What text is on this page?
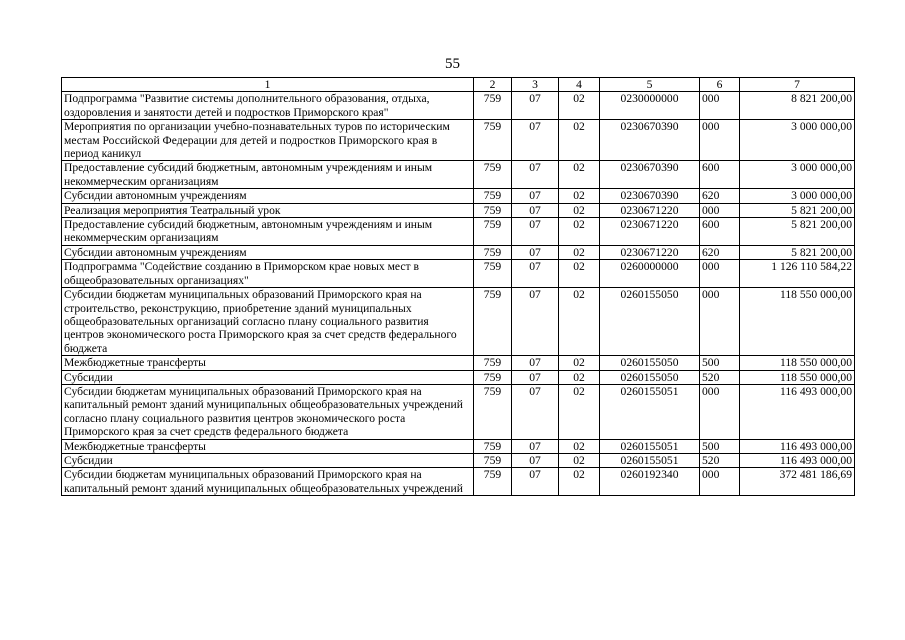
55
1	2	3	4	5	6	7
Подпрограмма "Развитие системы дополнительного образования, отдыха, оздоровления и занятости детей и подростков Приморского края"	759	07	02	0230000000	000	8 821 200,00
Мероприятия по организации учебно-познавательных туров по историческим местам Российской Федерации для детей и подростков Приморского края в период каникул	759	07	02	0230670390	000	3 000 000,00
Предоставление субсидий бюджетным, автономным учреждениям и иным некоммерческим организациям	759	07	02	0230670390	600	3 000 000,00
Субсидии автономным учреждениям	759	07	02	0230670390	620	3 000 000,00
Реализация мероприятия Театральный урок	759	07	02	0230671220	000	5 821 200,00
Предоставление субсидий бюджетным, автономным учреждениям и иным некоммерческим организациям	759	07	02	0230671220	600	5 821 200,00
Субсидии автономным учреждениям	759	07	02	0230671220	620	5 821 200,00
Подпрограмма "Содействие созданию в Приморском крае новых мест в общеобразовательных организациях"	759	07	02	0260000000	000	1 126 110 584,22
Субсидии бюджетам муниципальных образований Приморского края на строительство, реконструкцию, приобретение зданий муниципальных общеобразовательных организаций согласно плану социального развития центров экономического роста Приморского края за счет средств федерального бюджета	759	07	02	0260155050	000	118 550 000,00
Межбюджетные трансферты	759	07	02	0260155050	500	118 550 000,00
Субсидии	759	07	02	0260155050	520	118 550 000,00
Субсидии бюджетам муниципальных образований Приморского края на капитальный ремонт зданий муниципальных общеобразовательных учреждений согласно плану социального развития центров экономического роста Приморского края за счет средств федерального бюджета	759	07	02	0260155051	000	116 493 000,00
Межбюджетные трансферты	759	07	02	0260155051	500	116 493 000,00
Субсидии	759	07	02	0260155051	520	116 493 000,00
Субсидии бюджетам муниципальных образований Приморского края на капитальный ремонт зданий муниципальных общеобразовательных учреждений	759	07	02	0260192340	000	372 481 186,69
